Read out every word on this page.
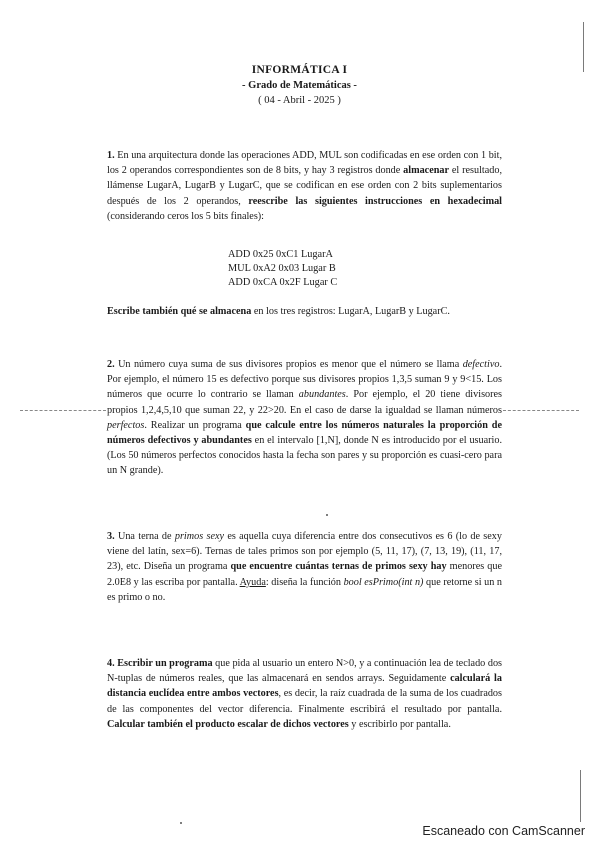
INFORMÁTICA I
- Grado de Matemáticas -
( 04 - Abril - 2025 )
1. En una arquitectura donde las operaciones ADD, MUL son codificadas en ese orden con 1 bit, los 2 operandos correspondientes son de 8 bits, y hay 3 registros donde almacenar el resultado, llámense LugarA, LugarB y LugarC, que se codifican en ese orden con 2 bits suplementarios después de los 2 operandos, reescribe las siguientes instrucciones en hexadecimal (considerando ceros los 5 bits finales):
ADD 0x25 0xC1 LugarA
MUL 0xA2 0x03 Lugar B
ADD 0xCA 0x2F Lugar C
Escribe también qué se almacena en los tres registros: LugarA, LugarB y LugarC.
2. Un número cuya suma de sus divisores propios es menor que el número se llama defectivo. Por ejemplo, el número 15 es defectivo porque sus divisores propios 1,3,5 suman 9 y 9<15. Los números que ocurre lo contrario se llaman abundantes. Por ejemplo, el 20 tiene divisores propios 1,2,4,5,10 que suman 22, y 22>20. En el caso de darse la igualdad se llaman números perfectos. Realizar un programa que calcule entre los números naturales la proporción de números defectivos y abundantes en el intervalo [1,N], donde N es introducido por el usuario. (Los 50 números perfectos conocidos hasta la fecha son pares y su proporción es cuasi-cero para un N grande).
3. Una terna de primos sexy es aquella cuya diferencia entre dos consecutivos es 6 (lo de sexy viene del latín, sex=6). Ternas de tales primos son por ejemplo (5, 11, 17), (7, 13, 19), (11, 17, 23), etc. Diseña un programa que encuentre cuántas ternas de primos sexy hay menores que 2.0E8 y las escriba por pantalla. Ayuda: diseña la función bool esPrimo(int n) que retorne si un n es primo o no.
4. Escribir un programa que pida al usuario un entero N>0, y a continuación lea de teclado dos N-tuplas de números reales, que las almacenará en sendos arrays. Seguidamente calculará la distancia euclídea entre ambos vectores, es decir, la raíz cuadrada de la suma de los cuadrados de las componentes del vector diferencia. Finalmente escribirá el resultado por pantalla. Calcular también el producto escalar de dichos vectores y escribirlo por pantalla.
Escaneado con CamScanner
